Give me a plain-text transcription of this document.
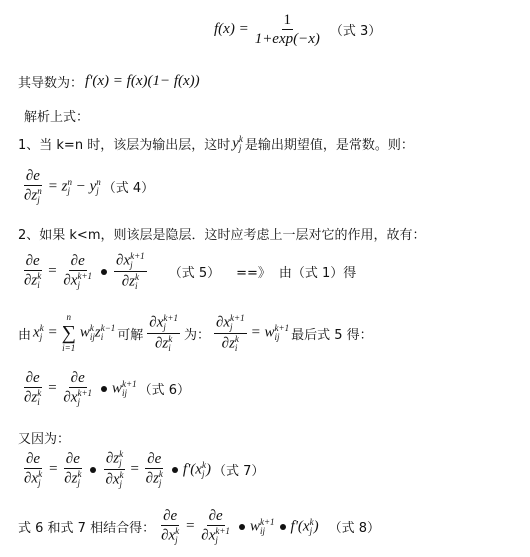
$f(x) = \frac{1}{1+\exp(-x)}$ （式 3）
其导数为： f'(x) = f(x)(1− f(x))
解析上式：
1、当 k=n 时，该层为输出层，这时 y k
j 是输出期望值，是常数。则：
∂e
∂z n
j = z n
j − y n
j （式 4）
2、如果 k<m，则该层是隐层．这时应考虑上一层对它的作用，故有：
∂e
∂z k
i = ∂e
∂x k+1
j ∂x k+1
j
∂z k
i （式 5） ==》 由（式 1）得
由 x k
j =
n
∑
i=1
w k
ij z k−1
i	可解 ∂x k+1
j
∂z k
i 为： ∂x k+1
j
∂z k
i = w k+1
ij 最后式 5 得：
∂e
∂z k
i = ∂e
∂x k+1
j w k+1
ij （式 6）
又因为：
∂e
∂x k
j = ∂e
∂z k
j ∂z k
j
∂x k
j = ∂e
∂z k
j f'(x k
j ) （式 7）
式 6 和式 7 相结合得： ∂e
∂x k
j = ∂e
∂x k+1
j w k+1
ij	f'(x k
j ) （式 8）
